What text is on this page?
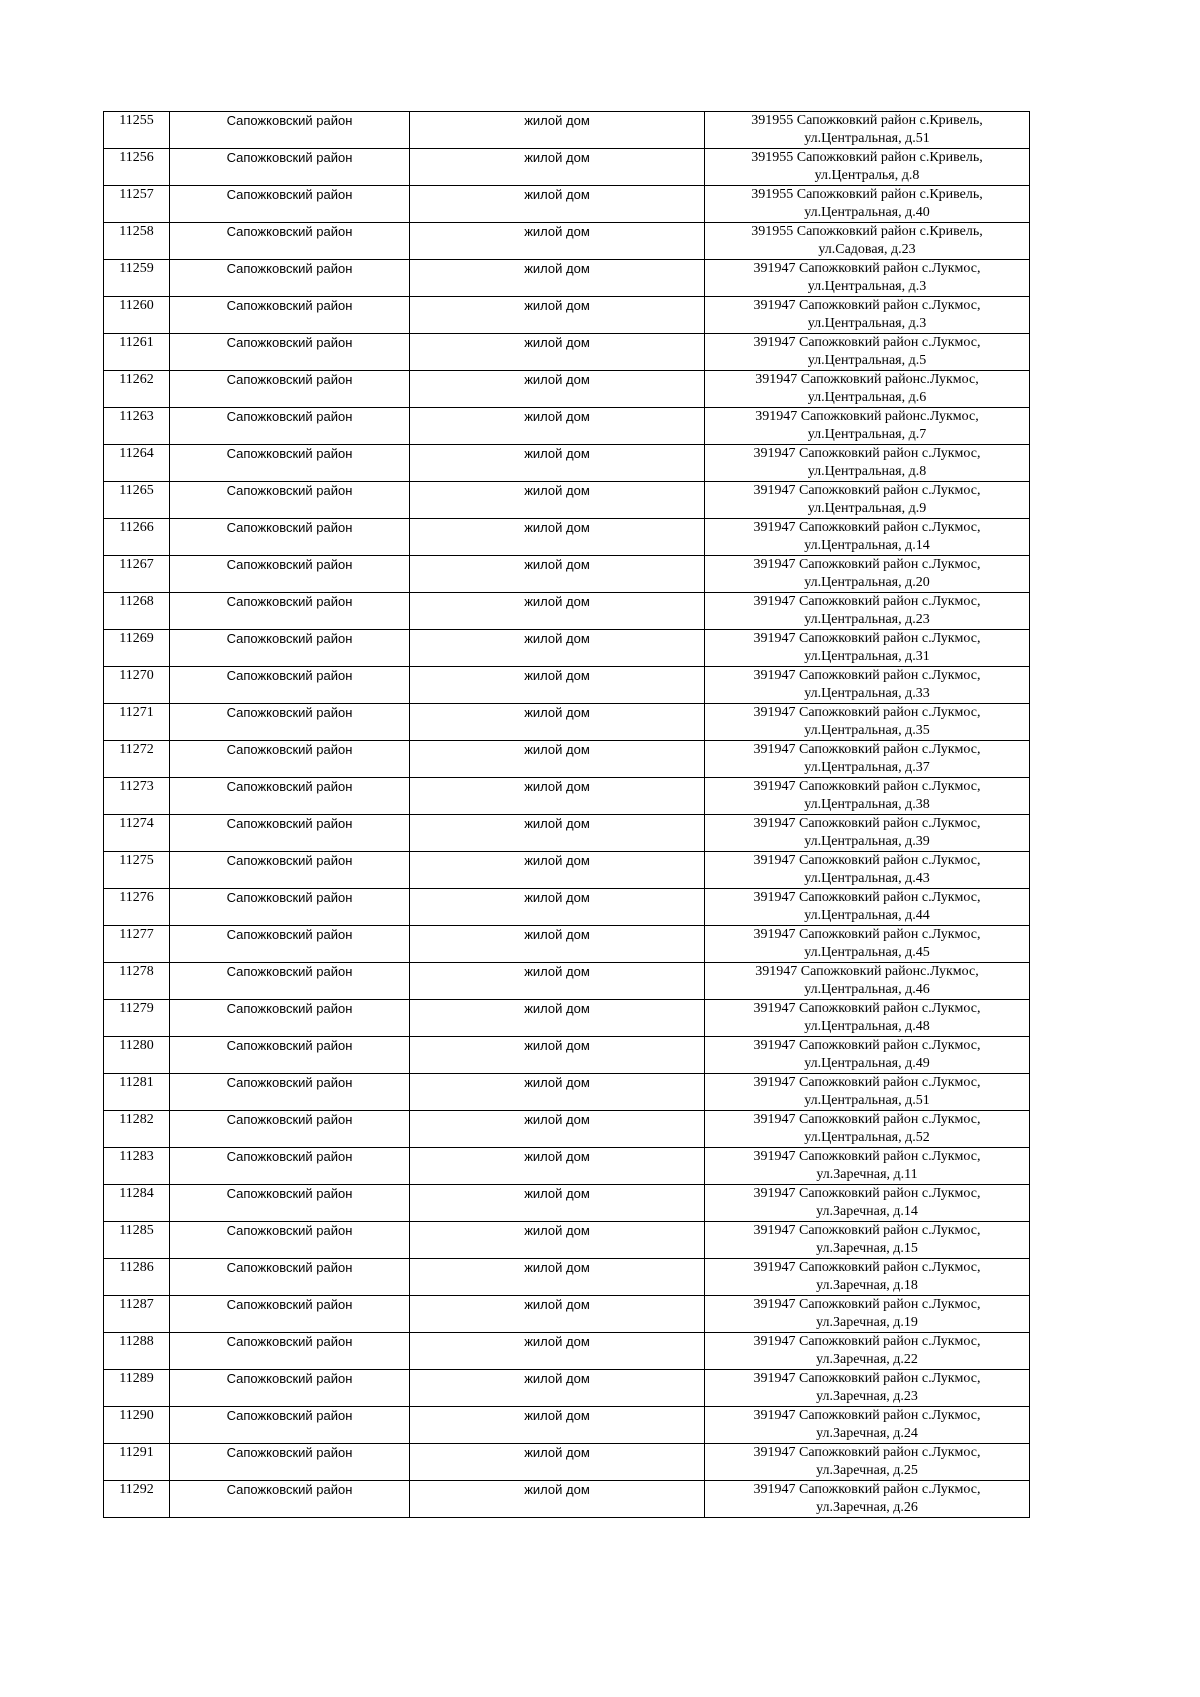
11255	Сапожковский район	жилой дом	391955 Сапожковкий район с.Кривель,
ул.Центральная, д.51

11256	Сапожковский район	жилой дом	391955 Сапожковкий район с.Кривель,
ул.Централья, д.8

11257	Сапожковский район	жилой дом	391955 Сапожковкий район с.Кривель,
ул.Центральная, д.40

11258	Сапожковский район	жилой дом	391955 Сапожковкий район с.Кривель,
ул.Садовая, д.23

11259	Сапожковский район	жилой дом	391947 Сапожковкий район с.Лукмос,
ул.Центральная, д.3

11260	Сапожковский район	жилой дом	391947 Сапожковкий район с.Лукмос,
ул.Центральная, д.3

11261	Сапожковский район	жилой дом	391947 Сапожковкий район с.Лукмос,
ул.Центральная, д.5

11262	Сапожковский район	жилой дом	391947 Сапожковкий районс.Лукмос,
ул.Центральная, д.6

11263	Сапожковский район	жилой дом	391947 Сапожковкий районс.Лукмос,
ул.Центральная, д.7

11264	Сапожковский район	жилой дом	391947 Сапожковкий район с.Лукмос,
ул.Центральная, д.8

11265	Сапожковский район	жилой дом	391947 Сапожковкий район с.Лукмос,
ул.Центральная, д.9

11266	Сапожковский район	жилой дом	391947 Сапожковкий район с.Лукмос,
ул.Центральная, д.14

11267	Сапожковский район	жилой дом	391947 Сапожковкий район с.Лукмос,
ул.Центральная, д.20

11268	Сапожковский район	жилой дом	391947 Сапожковкий район с.Лукмос,
ул.Центральная, д.23

11269	Сапожковский район	жилой дом	391947 Сапожковкий район с.Лукмос,
ул.Центральная, д.31

11270	Сапожковский район	жилой дом	391947 Сапожковкий район с.Лукмос,
ул.Центральная, д.33

11271	Сапожковский район	жилой дом	391947 Сапожковкий район с.Лукмос,
ул.Центральная, д.35

11272	Сапожковский район	жилой дом	391947 Сапожковкий район с.Лукмос,
ул.Центральная, д.37

11273	Сапожковский район	жилой дом	391947 Сапожковкий район с.Лукмос,
ул.Центральная, д.38

11274	Сапожковский район	жилой дом	391947 Сапожковкий район с.Лукмос,
ул.Центральная, д.39

11275	Сапожковский район	жилой дом	391947 Сапожковкий район с.Лукмос,
ул.Центральная, д.43

11276	Сапожковский район	жилой дом	391947 Сапожковкий район с.Лукмос,
ул.Центральная, д.44

11277	Сапожковский район	жилой дом	391947 Сапожковкий район с.Лукмос,
ул.Центральная, д.45

11278	Сапожковский район	жилой дом	391947 Сапожковкий районс.Лукмос,
ул.Центральная, д.46

11279	Сапожковский район	жилой дом	391947 Сапожковкий район с.Лукмос,
ул.Центральная, д.48

11280	Сапожковский район	жилой дом	391947 Сапожковкий район с.Лукмос,
ул.Центральная, д.49

11281	Сапожковский район	жилой дом	391947 Сапожковкий район с.Лукмос,
ул.Центральная, д.51

11282	Сапожковский район	жилой дом	391947 Сапожковкий район с.Лукмос,
ул.Центральная, д.52

11283	Сапожковский район	жилой дом	391947 Сапожковкий район с.Лукмос,
ул.Заречная, д.11

11284	Сапожковский район	жилой дом	391947 Сапожковкий район с.Лукмос,
ул.Заречная, д.14

11285	Сапожковский район	жилой дом	391947 Сапожковкий район с.Лукмос,
ул.Заречная, д.15

11286	Сапожковский район	жилой дом	391947 Сапожковкий район с.Лукмос,
ул.Заречная, д.18

11287	Сапожковский район	жилой дом	391947 Сапожковкий район с.Лукмос,
ул.Заречная, д.19

11288	Сапожковский район	жилой дом	391947 Сапожковкий район с.Лукмос,
ул.Заречная, д.22

11289	Сапожковский район	жилой дом	391947 Сапожковкий район с.Лукмос,
ул.Заречная, д.23

11290	Сапожковский район	жилой дом	391947 Сапожковкий район с.Лукмос,
ул.Заречная, д.24

11291	Сапожковский район	жилой дом	391947 Сапожковкий район с.Лукмос,
ул.Заречная, д.25

11292	Сапожковский район	жилой дом	391947 Сапожковкий район с.Лукмос,
ул.Заречная, д.26
